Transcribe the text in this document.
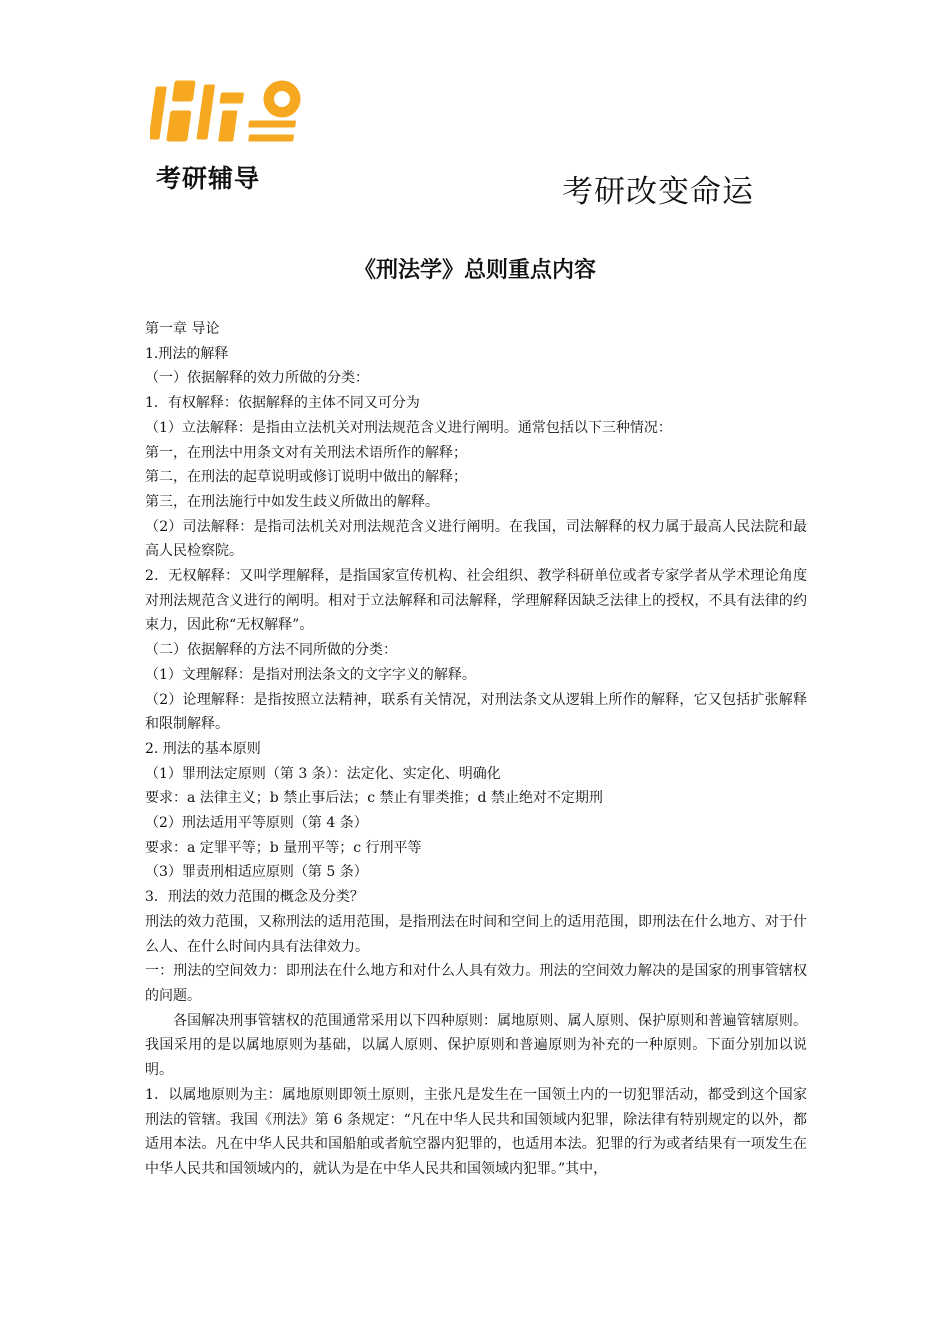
考研辅导	考研改变命运
《刑法学》总则重点内容

第一章 导论

1.刑法的解释

（一）依据解释的效力所做的分类：

1．有权解释：依据解释的主体不同又可分为

（1）立法解释：是指由立法机关对刑法规范含义进行阐明。通常包括以下三种情况：

第一，在刑法中用条文对有关刑法术语所作的解释；

第二，在刑法的起草说明或修订说明中做出的解释；

第三，在刑法施行中如发生歧义所做出的解释。

（2）司法解释：是指司法机关对刑法规范含义进行阐明。在我国，司法解释的权力属于最高人民法院和最高人民检察院。

2．无权解释：又叫学理解释，是指国家宣传机构、社会组织、教学科研单位或者专家学者从学术理论角度对刑法规范含义进行的阐明。相对于立法解释和司法解释，学理解释因缺乏法律上的授权，不具有法律的约束力，因此称“无权解释”。

（二）依据解释的方法不同所做的分类：

（1）文理解释：是指对刑法条文的文字字义的解释。

（2）论理解释：是指按照立法精神，联系有关情况，对刑法条文从逻辑上所作的解释，它又包括扩张解释和限制解释。

2. 刑法的基本原则

（1）罪刑法定原则（第 3 条）：法定化、实定化、明确化

要求：a 法律主义；b 禁止事后法；c 禁止有罪类推；d 禁止绝对不定期刑

（2）刑法适用平等原则（第 4 条）

要求：a 定罪平等；b 量刑平等；c 行刑平等

（3）罪责刑相适应原则（第 5 条）

3．刑法的效力范围的概念及分类？

刑法的效力范围，又称刑法的适用范围，是指刑法在时间和空间上的适用范围，即刑法在什么地方、对于什么人、在什么时间内具有法律效力。

一：刑法的空间效力：即刑法在什么地方和对什么人具有效力。刑法的空间效力解决的是国家的刑事管辖权的问题。

各国解决刑事管辖权的范围通常采用以下四种原则：属地原则、属人原则、保护原则和普遍管辖原则。我国采用的是以属地原则为基础，以属人原则、保护原则和普遍原则为补充的一种原则。下面分别加以说明。

1．以属地原则为主：属地原则即领土原则，主张凡是发生在一国领土内的一切犯罪活动，都受到这个国家刑法的管辖。我国《刑法》第 6 条规定：“凡在中华人民共和国领域内犯罪，除法律有特别规定的以外，都适用本法。凡在中华人民共和国船舶或者航空器内犯罪的，也适用本法。犯罪的行为或者结果有一项发生在中华人民共和国领域内的，就认为是在中华人民共和国领域内犯罪。”其中，
